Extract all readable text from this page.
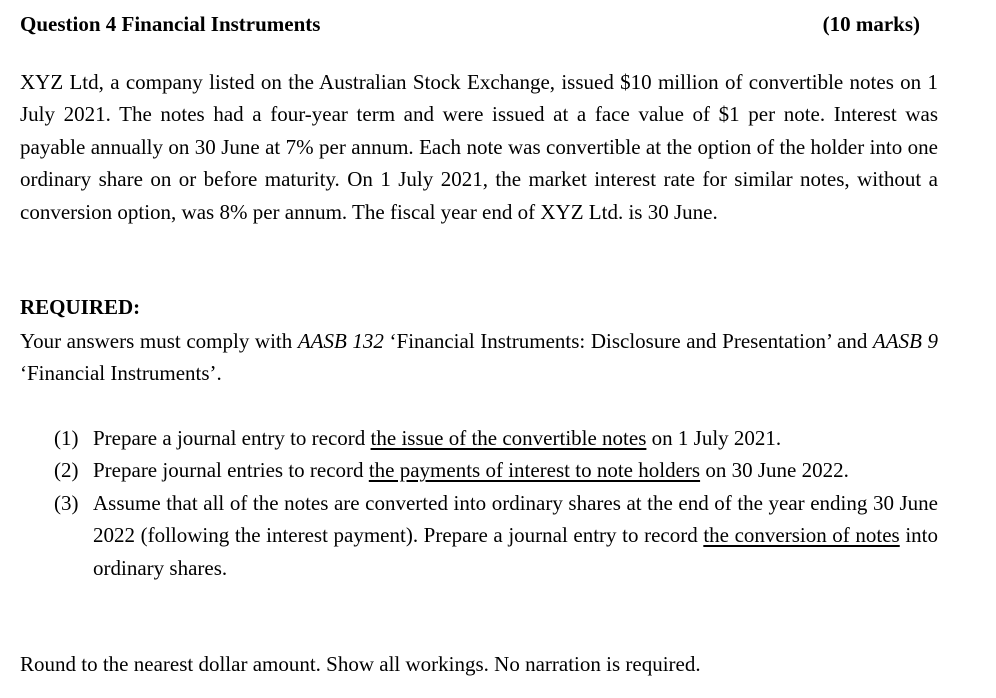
Question 4 Financial Instruments	(10 marks)
XYZ Ltd, a company listed on the Australian Stock Exchange, issued $10 million of convertible notes on 1 July 2021. The notes had a four-year term and were issued at a face value of $1 per note. Interest was payable annually on 30 June at 7% per annum. Each note was convertible at the option of the holder into one ordinary share on or before maturity. On 1 July 2021, the market interest rate for similar notes, without a conversion option, was 8% per annum. The fiscal year end of XYZ Ltd. is 30 June.
REQUIRED:
Your answers must comply with AASB 132 ‘Financial Instruments: Disclosure and Presentation’ and AASB 9 ‘Financial Instruments’.
(1) Prepare a journal entry to record the issue of the convertible notes on 1 July 2021.
(2) Prepare journal entries to record the payments of interest to note holders on 30 June 2022.
(3) Assume that all of the notes are converted into ordinary shares at the end of the year ending 30 June 2022 (following the interest payment). Prepare a journal entry to record the conversion of notes into ordinary shares.
Round to the nearest dollar amount. Show all workings. No narration is required.
